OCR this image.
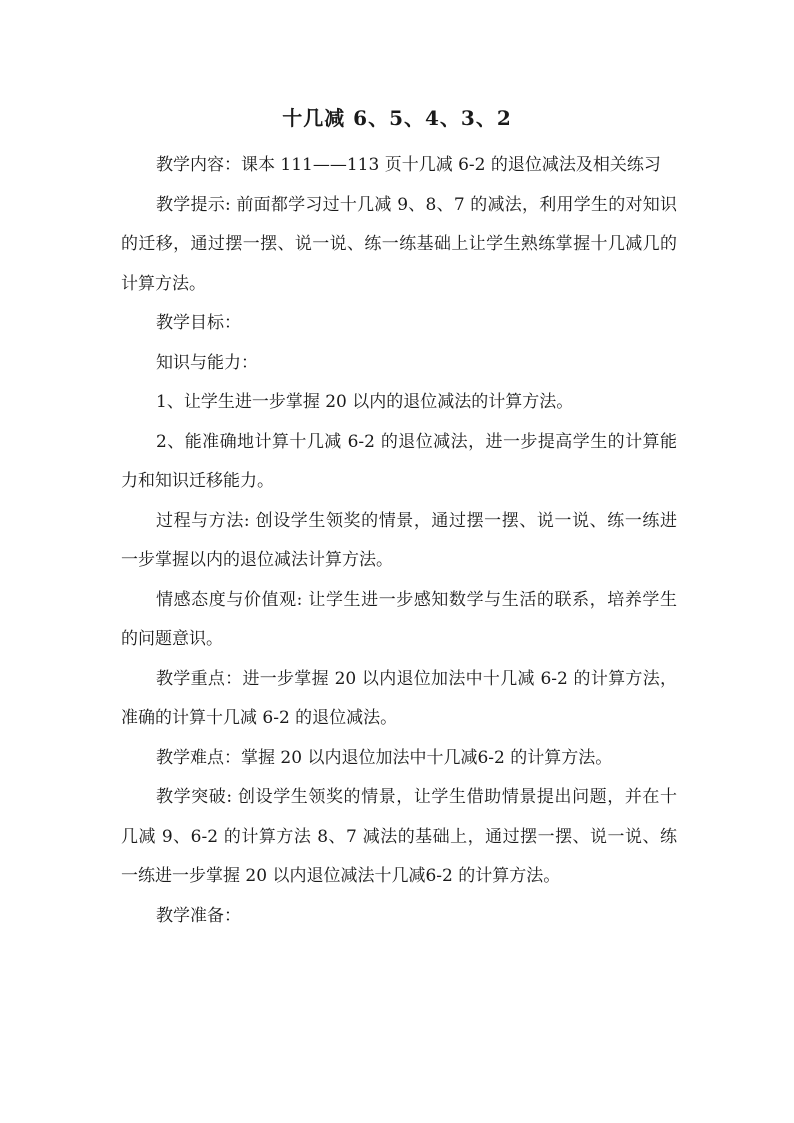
十几减 6、5、4、3、2

教学内容：课本 111——113 页十几减 6-2 的退位减法及相关练习

教学提示: 前面都学习过十几减 9、8、7 的减法，利用学生的对知识的迁移，通过摆一摆、说一说、练一练基础上让学生熟练掌握十几减几的计算方法。

教学目标：

知识与能力：

1、让学生进一步掌握 20 以内的退位减法的计算方法。

2、能准确地计算十几减 6-2 的退位减法，进一步提高学生的计算能力和知识迁移能力。

过程与方法: 创设学生领奖的情景，通过摆一摆、说一说、练一练进一步掌握以内的退位减法计算方法。

情感态度与价值观: 让学生进一步感知数学与生活的联系，培养学生的问题意识。

教学重点：进一步掌握 20 以内退位加法中十几减 6-2 的计算方法，准确的计算十几减 6-2 的退位减法。

教学难点：掌握 20 以内退位加法中十几减6-2 的计算方法。

教学突破: 创设学生领奖的情景，让学生借助情景提出问题，并在十几减 9、6-2 的计算方法 8、7 减法的基础上，通过摆一摆、说一说、练一练进一步掌握 20 以内退位减法十几减6-2 的计算方法。

教学准备：
